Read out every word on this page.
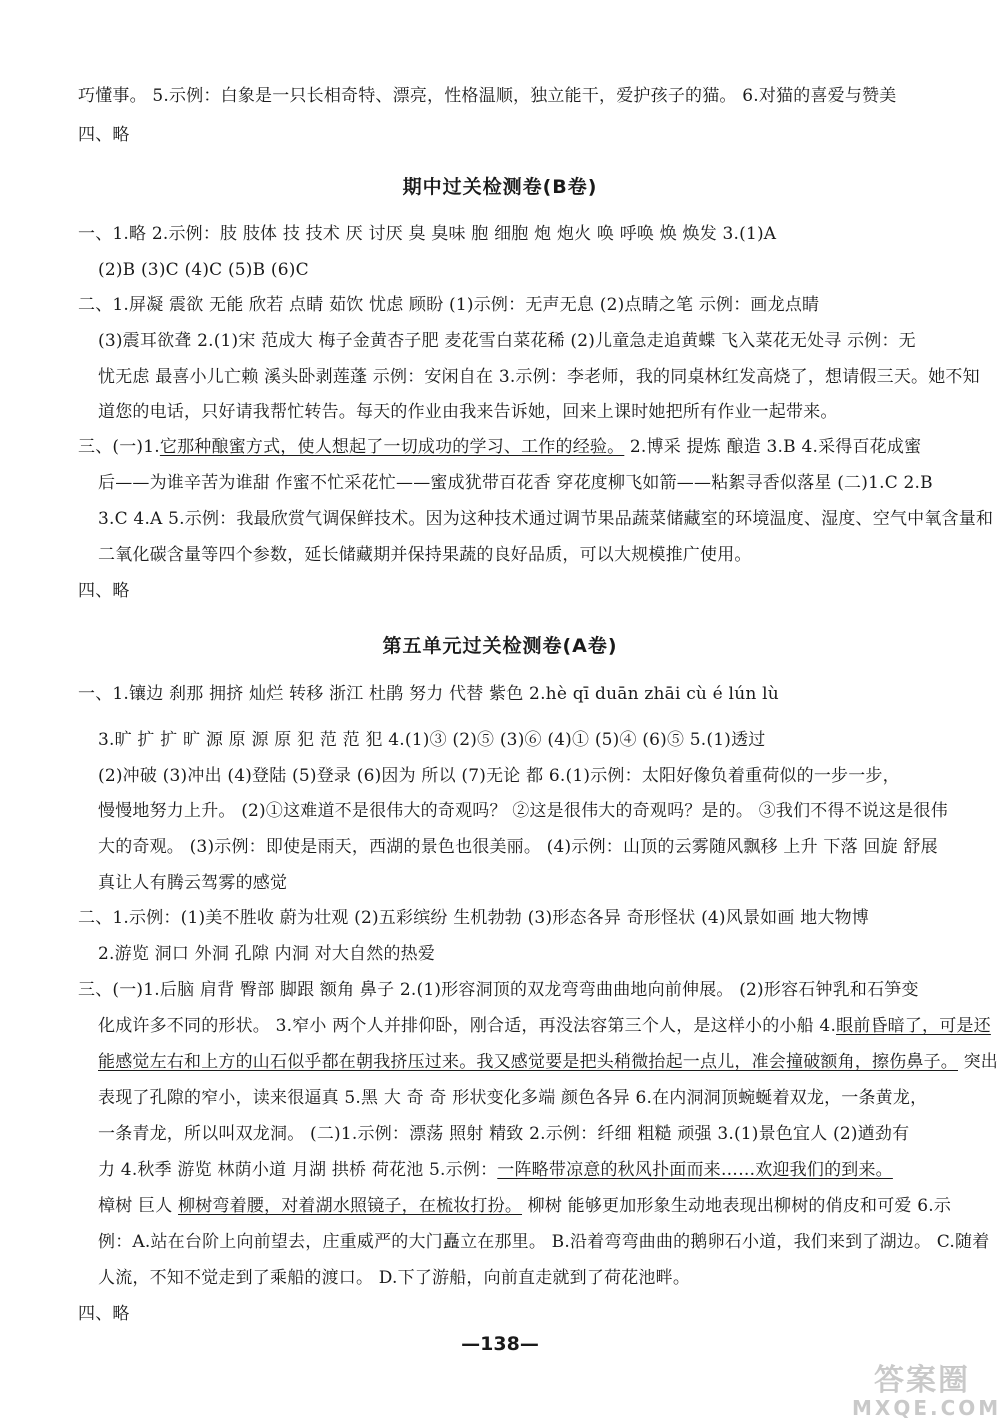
巧懂事。 5.示例：白象是一只长相奇特、漂亮，性格温顺，独立能干，爱护孩子的猫。 6.对猫的喜爱与赞美
四、略
期中过关检测卷(B卷)
一、1.略 2.示例：肢 肢体 技 技术 厌 讨厌 臭 臭味 胞 细胞 炮 炮火 唤 呼唤 焕 焕发 3.(1)A
(2)B (3)C (4)C (5)B (6)C
二、1.屏凝 震欲 无能 欣若 点睛 茹饮 忧虑 顾盼 (1)示例：无声无息 (2)点睛之笔 示例：画龙点睛
(3)震耳欲聋 2.(1)宋 范成大 梅子金黄杏子肥 麦花雪白菜花稀 (2)儿童急走追黄蝶 飞入菜花无处寻 示例：无
忧无虑 最喜小儿亡赖 溪头卧剥莲蓬 示例：安闲自在 3.示例：李老师，我的同桌林红发高烧了，想请假三天。她不知
道您的电话，只好请我帮忙转告。每天的作业由我来告诉她，回来上课时她把所有作业一起带来。
三、(一)1.它那种酿蜜方式，使人想起了一切成功的学习、工作的经验。 2.博采 提炼 酿造 3.B 4.采得百花成蜜
后——为谁辛苦为谁甜 作蜜不忙采花忙——蜜成犹带百花香 穿花度柳飞如箭——粘絮寻香似落星 (二)1.C 2.B
3.C 4.A 5.示例：我最欣赏气调保鲜技术。因为这种技术通过调节果品蔬菜储藏室的环境温度、湿度、空气中氧含量和
二氧化碳含量等四个参数，延长储藏期并保持果蔬的良好品质，可以大规模推广使用。
四、略
第五单元过关检测卷(A卷)
一、1.镶边 刹那 拥挤 灿烂 转移 浙江 杜鹃 努力 代替 紫色 2.hè qī duān zhāi cù é lún lù
3.旷 扩 扩 旷 源 原 源 原 犯 范 范 犯 4.(1)③ (2)⑤ (3)⑥ (4)① (5)④ (6)⑤ 5.(1)透过
(2)冲破 (3)冲出 (4)登陆 (5)登录 (6)因为 所以 (7)无论 都 6.(1)示例：太阳好像负着重荷似的一步一步，
慢慢地努力上升。 (2)①这难道不是很伟大的奇观吗？ ②这是很伟大的奇观吗？是的。 ③我们不得不说这是很伟
大的奇观。 (3)示例：即使是雨天，西湖的景色也很美丽。 (4)示例：山顶的云雾随风飘移 上升 下落 回旋 舒展
真让人有腾云驾雾的感觉
二、1.示例：(1)美不胜收 蔚为壮观 (2)五彩缤纷 生机勃勃 (3)形态各异 奇形怪状 (4)风景如画 地大物博
2.游览 洞口 外洞 孔隙 内洞 对大自然的热爱
三、(一)1.后脑 肩背 臀部 脚跟 额角 鼻子 2.(1)形容洞顶的双龙弯弯曲曲地向前伸展。 (2)形容石钟乳和石笋变
化成许多不同的形状。 3.窄小 两个人并排仰卧，刚合适，再没法容第三个人，是这样小的小船 4.眼前昏暗了，可是还
能感觉左右和上方的山石似乎都在朝我挤压过来。我又感觉要是把头稍微抬起一点儿，准会撞破额角，擦伤鼻子。 突出
表现了孔隙的窄小，读来很逼真 5.黑 大 奇 奇 形状变化多端 颜色各异 6.在内洞洞顶蜿蜒着双龙，一条黄龙，
一条青龙，所以叫双龙洞。 (二)1.示例：漂荡 照射 精致 2.示例：纤细 粗糙 顽强 3.(1)景色宜人 (2)遒劲有
力 4.秋季 游览 林荫小道 月湖 拱桥 荷花池 5.示例：一阵略带凉意的秋风扑面而来……欢迎我们的到来。
樟树 巨人 柳树弯着腰，对着湖水照镜子，在梳妆打扮。 柳树 能够更加形象生动地表现出柳树的俏皮和可爱 6.示
例：A.站在台阶上向前望去，庄重威严的大门矗立在那里。 B.沿着弯弯曲曲的鹅卵石小道，我们来到了湖边。 C.随着
人流，不知不觉走到了乘船的渡口。 D.下了游船，向前直走就到了荷花池畔。
四、略
—138—
答案圈
MXQE.COM
